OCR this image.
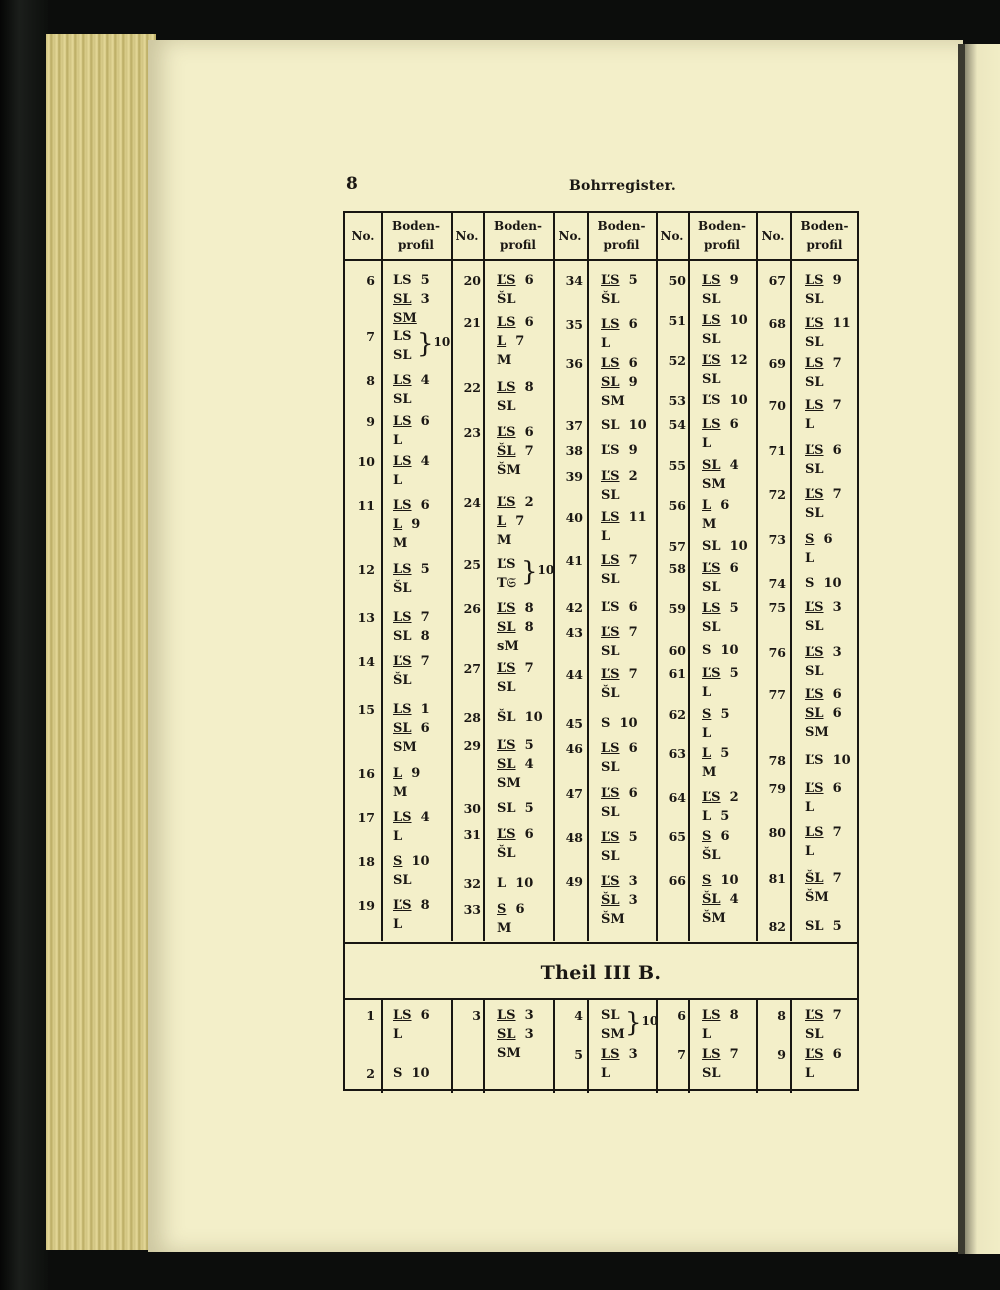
8	Bohrregister.
Theil III B.
No.
Boden-
profil
No.
Boden-
profil
No.
Boden-
profil
No.
Boden-
profil
No.
Boden-
profil
6 LS  5
SL  3
SM
7 LS
SL }10
8 LS  4
SL
9 LS  6
L
10 LS  4
L
11 LS  6
L  9
M
12 LS  5
ŠL
13 LS  7
SL  8
14 ĽS  7
ŠL
15 LS  1
SL  6
SM
16 L  9
M
17 LS  4
L
18 S  10
SL
19 ĽS  8
L
20 ĽS  6
ŠL
21 LS  6
L  7
M
22 LS  8
SL
23 ĽS  6
ŠL  7
ŠM
24 ĽS  2
L  7
M
25 ĽS
T𝔖 }10
26 ĽS  8
SL  8
sM
27 ĽS  7
SL
28 ŠL  10
29 ĽS  5
SL  4
SM
30 SL  5
31 ĽS  6
ŠL
32 L  10
33 S  6
M
34 ĽS  5
ŠL
35 LS  6
L
36 LS  6
SL  9
SM
37 SL  10
38 ĽS  9
39 ĽS  2
SL
40 LS  11
L
41 LS  7
SL
42 ĽS  6
43 ĽS  7
SL
44 ĽS  7
ŠL
45 S  10
46 LS  6
SL
47 ĽS  6
SL
48 ĽS  5
SL
49 ĽS  3
ŠL  3
ŠM
50 LS  9
SL
51 LS  10
SL
52 ĽS  12
SL
53 ĽS  10
54 LS  6
L
55 SL  4
SM
56 L  6
M
57 SL  10
58 ĽS  6
SL
59 LS  5
SL
60 S  10
61 ĽS  5
L
62 S  5
L
63 L  5
M
64 ĽS  2
L  5
65 S  6
ŠL
66 S  10
ŠL  4
ŠM
67 LS  9
SL
68 ĽS  11
SL
69 LS  7
SL
70 LS  7
L
71 ĽS  6
SL
72 ĽS  7
SL
73 S  6
L
74 S  10
75 ĽS  3
SL
76 ĽS  3
SL
77 ĽS  6
SL  6
SM
78 ĽS  10
79 ĽS  6
L
80 LS  7
L
81 ŠL  7
ŠM
82 SL  5
1 LS  6
L
2 S  10
3 LS  3
SL  3
SM
4 SL
SM }10
5 LS  3
L
6 LS  8
L
7 LS  7
SL
8 ĽS  7
SL
9 ĽS  6
L
